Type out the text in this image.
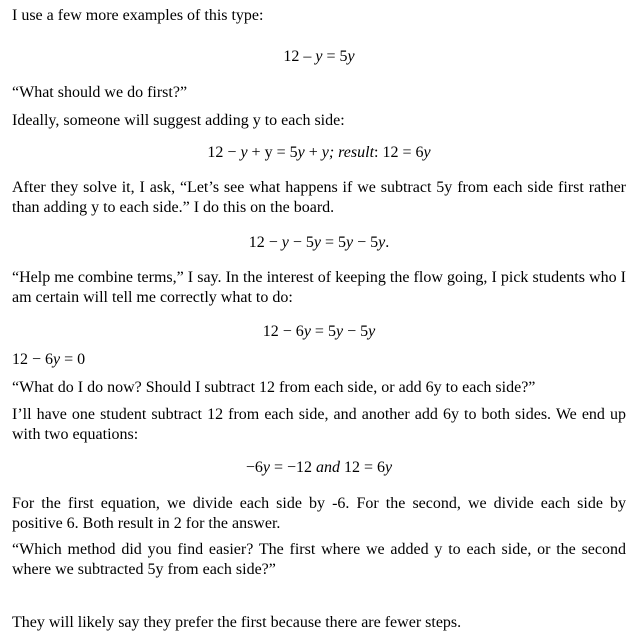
I use a few more examples of this type:

12 – y = 5y

“What should we do first?”

Ideally, someone will suggest adding y to each side:

12 − y + y = 5y + y; result: 12 = 6y

After they solve it, I ask, “Let’s see what happens if we subtract 5y from each side first rather than adding y to each side.” I do this on the board.

12 − y − 5y = 5y − 5y.

“Help me combine terms,” I say. In the interest of keeping the flow going, I pick students who I am certain will tell me correctly what to do:

12 − 6y = 5y − 5y

12 − 6y = 0

“What do I do now? Should I subtract 12 from each side, or add 6y to each side?”

I’ll have one student subtract 12 from each side, and another add 6y to both sides. We end up with two equations:

−6y = −12 and 12 = 6y

For the first equation, we divide each side by -6. For the second, we divide each side by positive 6. Both result in 2 for the answer.

“Which method did you find easier? The first where we added y to each side, or the second where we subtracted 5y from each side?”

They will likely say they prefer the first because there are fewer steps.
